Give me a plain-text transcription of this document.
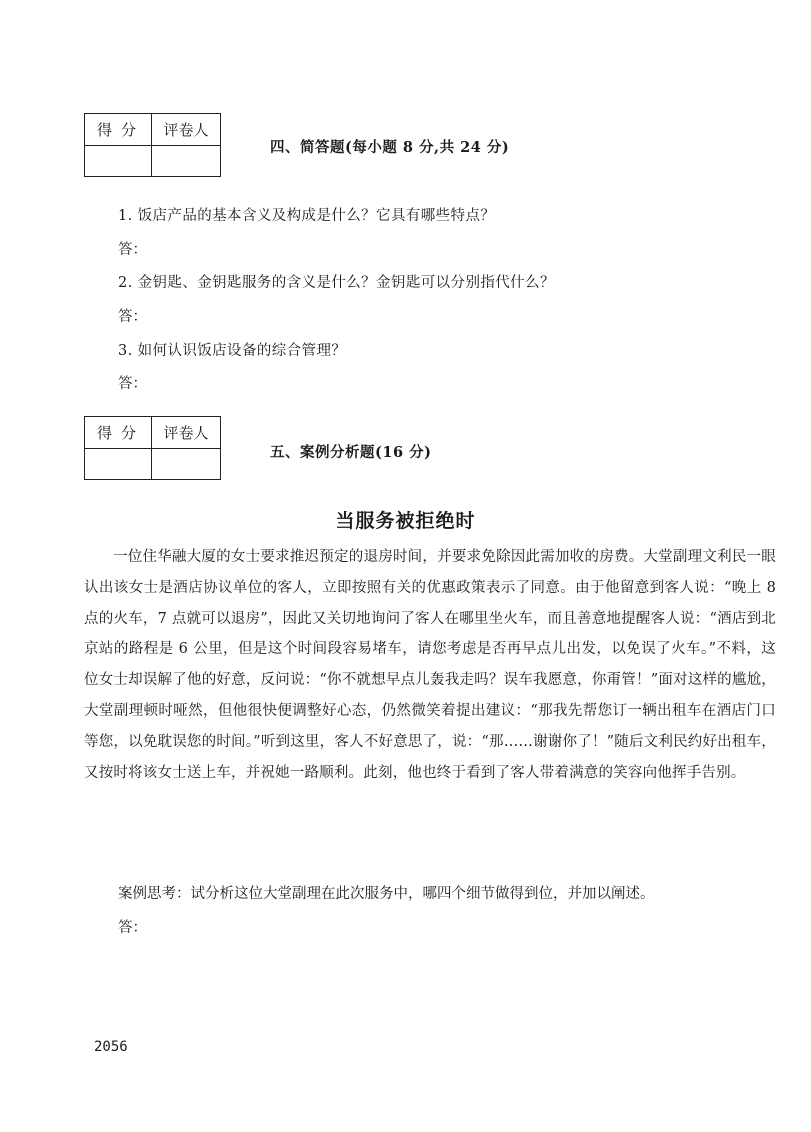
得分	评卷人
四、简答题(每小题 8 分,共 24 分)
1. 饭店产品的基本含义及构成是什么？它具有哪些特点？
答：
2. 金钥匙、金钥匙服务的含义是什么？金钥匙可以分别指代什么？
答：
3. 如何认识饭店设备的综合管理？
答：
得分	评卷人
五、案例分析题(16 分)
当服务被拒绝时
一位住华融大厦的女士要求推迟预定的退房时间，并要求免除因此需加收的房费。大堂副理文利民一眼认出该女士是酒店协议单位的客人，立即按照有关的优惠政策表示了同意。由于他留意到客人说：“晚上 8 点的火车，7 点就可以退房”，因此又关切地询问了客人在哪里坐火车，而且善意地提醒客人说：“酒店到北京站的路程是 6 公里，但是这个时间段容易堵车，请您考虑是否再早点儿出发，以免误了火车。”不料，这位女士却误解了他的好意，反问说：“你不就想早点儿轰我走吗？误车我愿意，你甭管！”面对这样的尴尬，大堂副理顿时哑然，但他很快便调整好心态，仍然微笑着提出建议：“那我先帮您订一辆出租车在酒店门口等您，以免耽误您的时间。”听到这里，客人不好意思了，说：“那……谢谢你了！”随后文利民约好出租车，又按时将该女士送上车，并祝她一路顺利。此刻，他也终于看到了客人带着满意的笑容向他挥手告别。
案例思考：试分析这位大堂副理在此次服务中，哪四个细节做得到位，并加以阐述。
答：
2056
